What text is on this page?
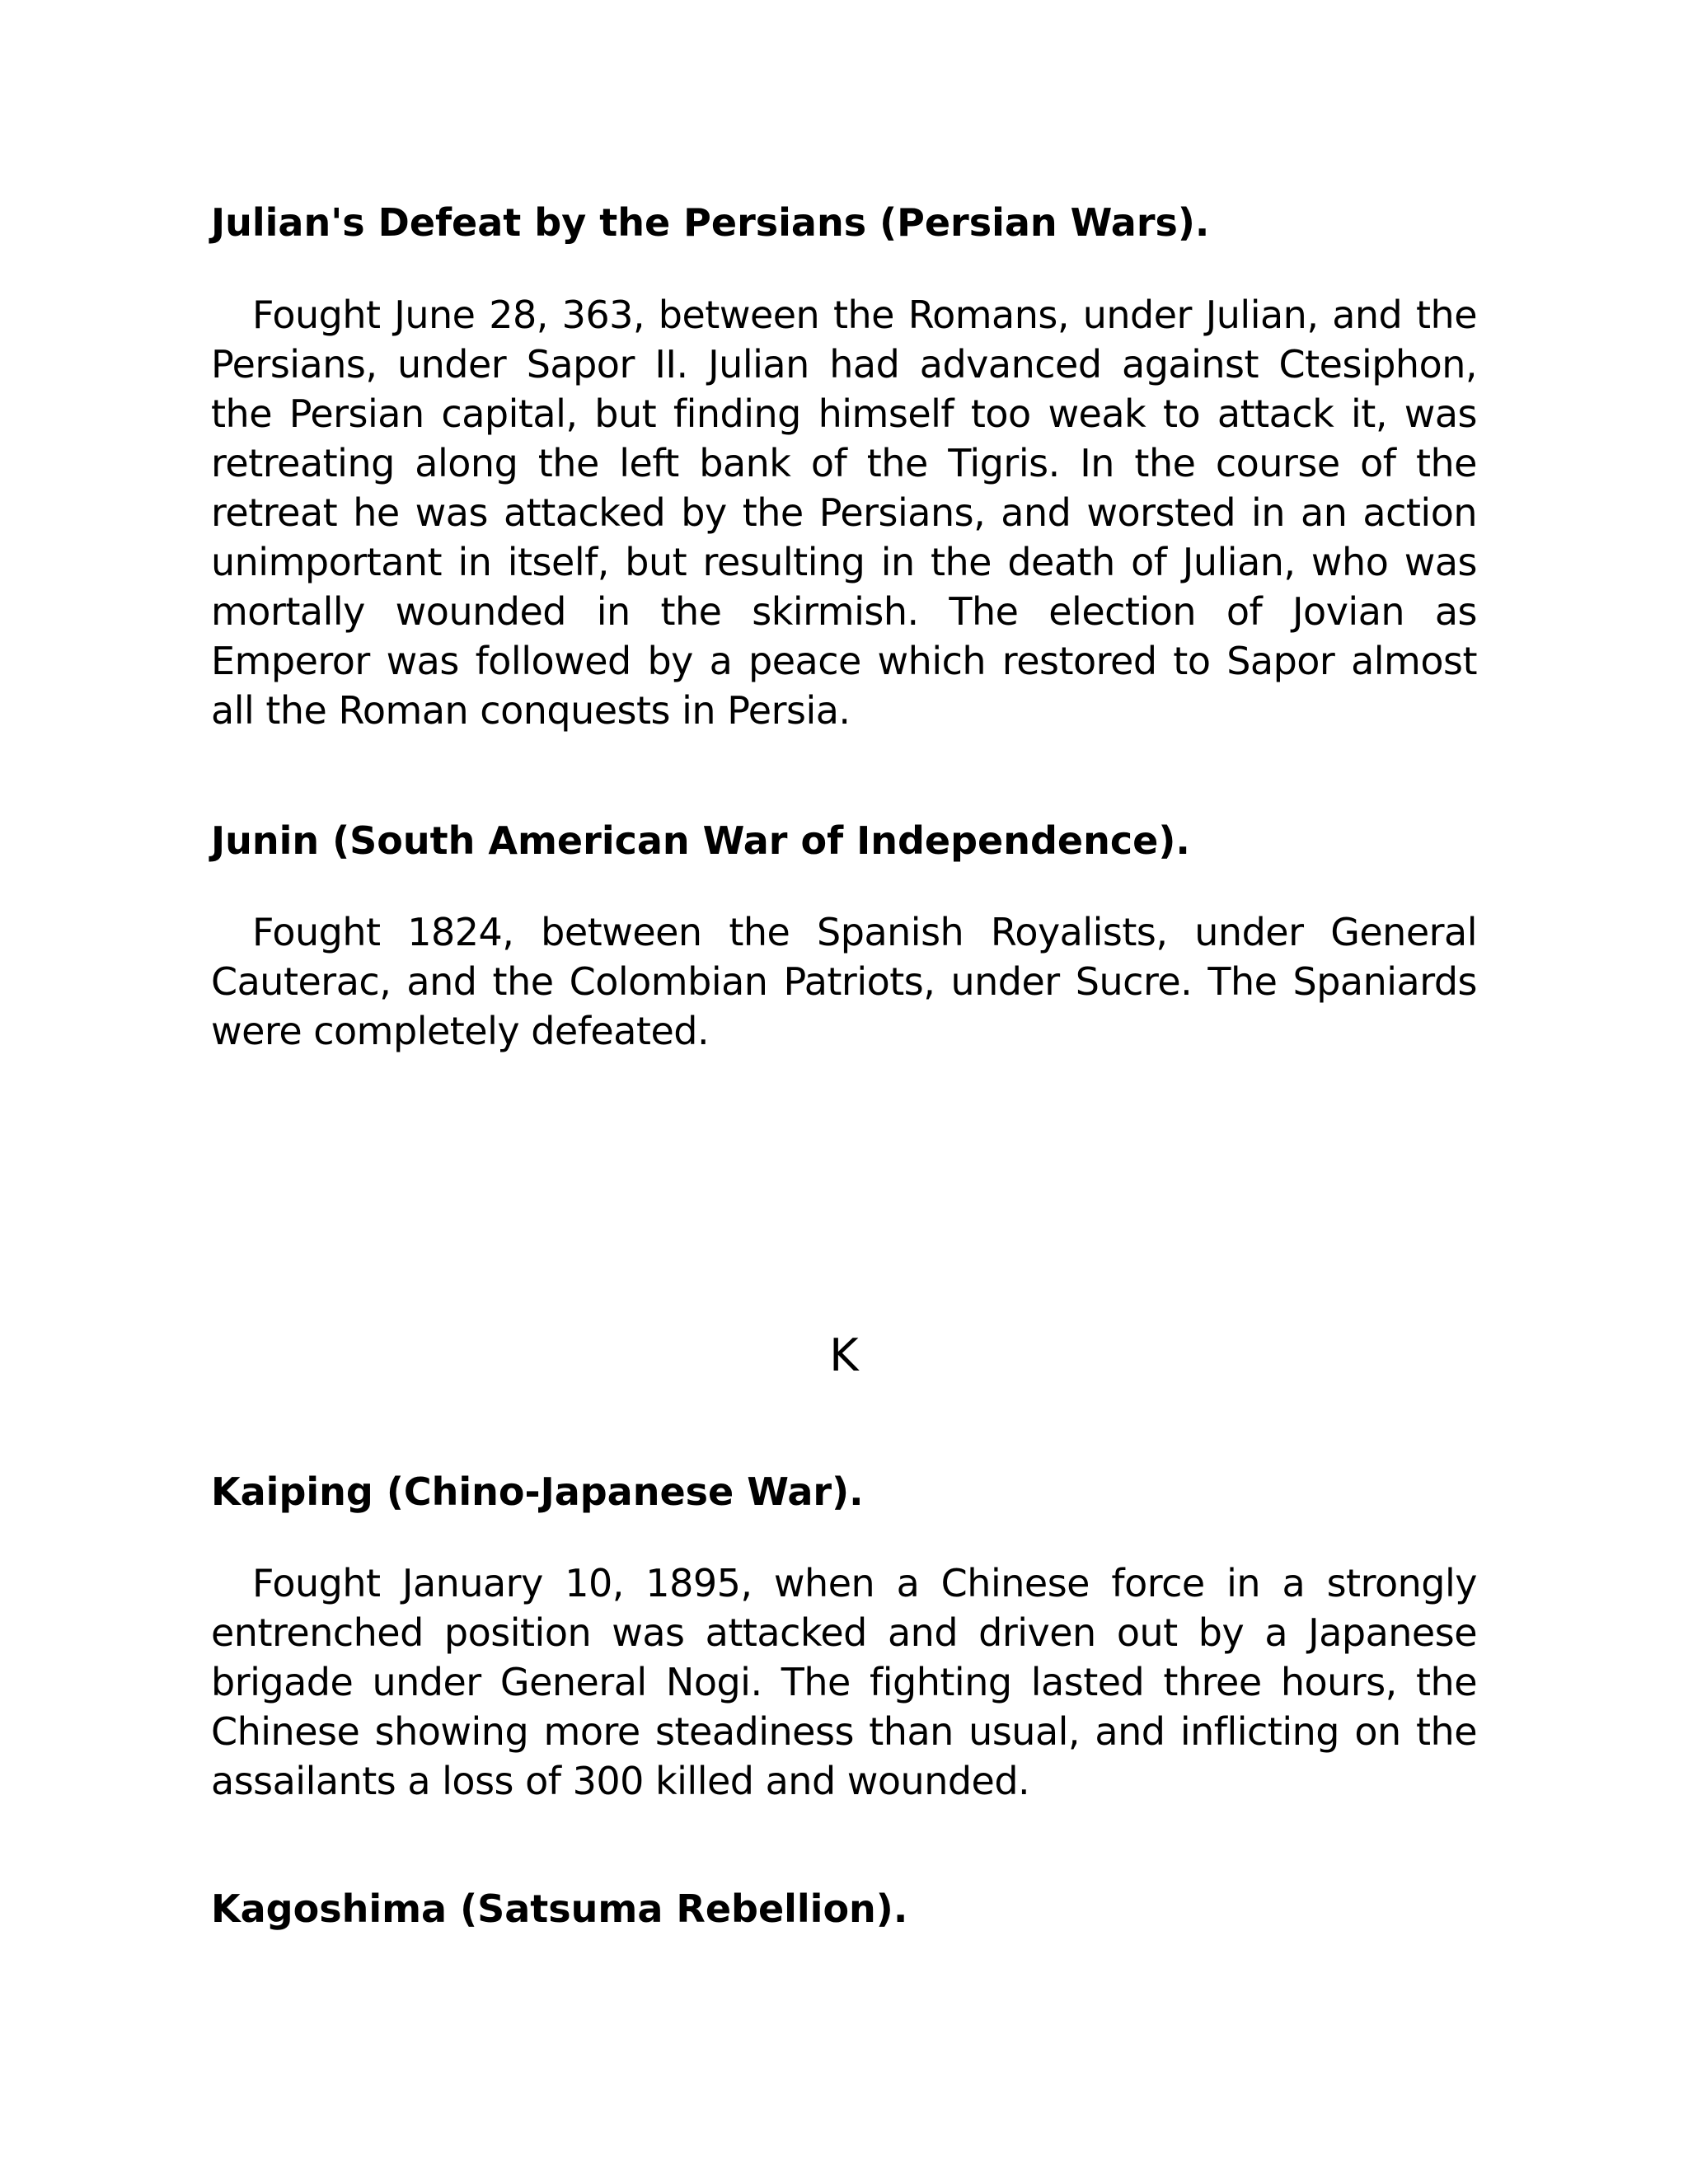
Julian's Defeat by the Persians (Persian Wars).

Fought June 28, 363, between the Romans, under Julian, and the Persians, under Sapor II. Julian had advanced against Ctesiphon, the Persian capital, but finding himself too weak to attack it, was retreating along the left bank of the Tigris. In the course of the retreat he was attacked by the Persians, and worsted in an action unimportant in itself, but resulting in the death of Julian, who was mortally wounded in the skirmish. The election of Jovian as Emperor was followed by a peace which restored to Sapor almost all the Roman conquests in Persia.

Junin (South American War of Independence).

Fought 1824, between the Spanish Royalists, under General Cauterac, and the Colombian Patriots, under Sucre. The Spaniards were completely defeated.

Kaiping (Chino-Japanese War).

Fought January 10, 1895, when a Chinese force in a strongly entrenched position was attacked and driven out by a Japanese brigade under General Nogi. The fighting lasted three hours, the Chinese showing more steadiness than usual, and inflicting on the assailants a loss of 300 killed and wounded.

Kagoshima (Satsuma Rebellion).
K
